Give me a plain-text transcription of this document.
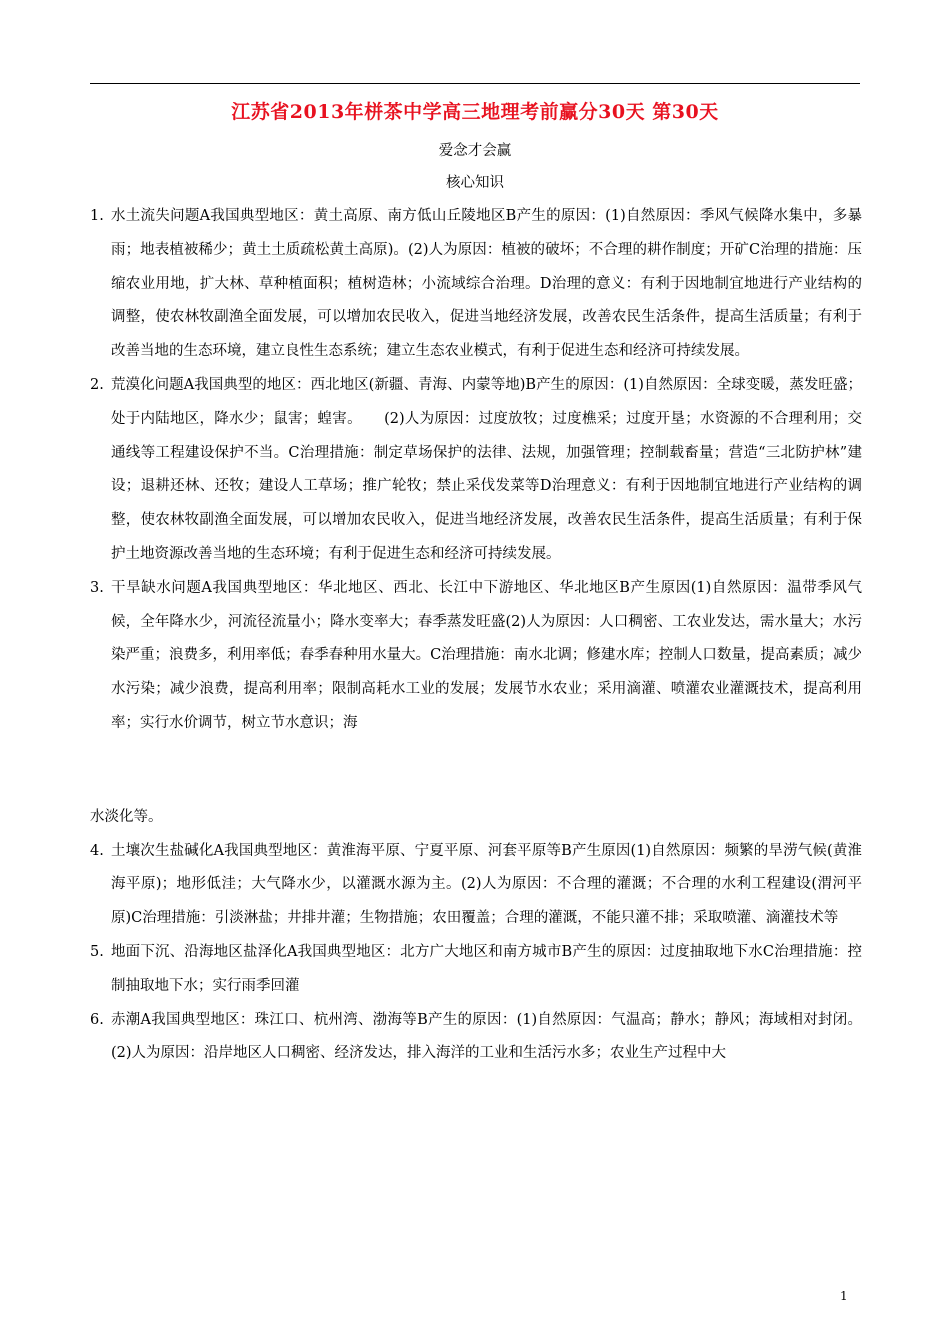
江苏省2013年栟茶中学高三地理考前赢分30天 第30天
爱念才会赢
核心知识
1. 水土流失问题A我国典型地区：黄土高原、南方低山丘陵地区B产生的原因：(1)自然原因：季风气候降水集中，多暴雨；地表植被稀少；黄土土质疏松黄土高原)。(2)人为原因：植被的破坏；不合理的耕作制度；开矿C治理的措施：压缩农业用地，扩大林、草种植面积；植树造林；小流域综合治理。D治理的意义：有利于因地制宜地进行产业结构的调整，使农林牧副渔全面发展，可以增加农民收入，促进当地经济发展，改善农民生活条件，提高生活质量；有利于改善当地的生态环境，建立良性生态系统；建立生态农业模式，有利于促进生态和经济可持续发展。
2. 荒漠化问题A我国典型的地区：西北地区(新疆、青海、内蒙等地)B产生的原因：(1)自然原因：全球变暖，蒸发旺盛；处于内陆地区，降水少；鼠害；蝗害。　　(2)人为原因：过度放牧；过度樵采；过度开垦；水资源的不合理利用；交通线等工程建设保护不当。C治理措施：制定草场保护的法律、法规，加强管理；控制载畜量；营造“三北防护林”建设；退耕还林、还牧；建设人工草场；推广轮牧；禁止采伐发菜等D治理意义：有利于因地制宜地进行产业结构的调整，使农林牧副渔全面发展，可以增加农民收入，促进当地经济发展，改善农民生活条件，提高生活质量；有利于保护土地资源改善当地的生态环境；有利于促进生态和经济可持续发展。
3. 干旱缺水问题A我国典型地区：华北地区、西北、长江中下游地区、华北地区B产生原因(1)自然原因：温带季风气候，全年降水少，河流径流量小；降水变率大；春季蒸发旺盛(2)人为原因：人口稠密、工农业发达，需水量大；水污染严重；浪费多，利用率低；春季春种用水量大。C治理措施：南水北调；修建水库；控制人口数量，提高素质；减少水污染；减少浪费，提高利用率；限制高耗水工业的发展；发展节水农业；采用滴灌、喷灌农业灌溉技术，提高利用率；实行水价调节，树立节水意识；海
水淡化等。
4. 土壤次生盐碱化A我国典型地区：黄淮海平原、宁夏平原、河套平原等B产生原因(1)自然原因：频繁的旱涝气候(黄淮海平原)；地形低洼；大气降水少，以灌溉水源为主。(2)人为原因：不合理的灌溉；不合理的水利工程建设(渭河平原)C治理措施：引淡淋盐；井排井灌；生物措施；农田覆盖；合理的灌溉，不能只灌不排；采取喷灌、滴灌技术等
5. 地面下沉、沿海地区盐泽化A我国典型地区：北方广大地区和南方城市B产生的原因：过度抽取地下水C治理措施：控制抽取地下水；实行雨季回灌
6. 赤潮A我国典型地区：珠江口、杭州湾、渤海等B产生的原因：(1)自然原因：气温高；静水；静风；海域相对封闭。(2)人为原因：沿岸地区人口稠密、经济发达，排入海洋的工业和生活污水多；农业生产过程中大
1
